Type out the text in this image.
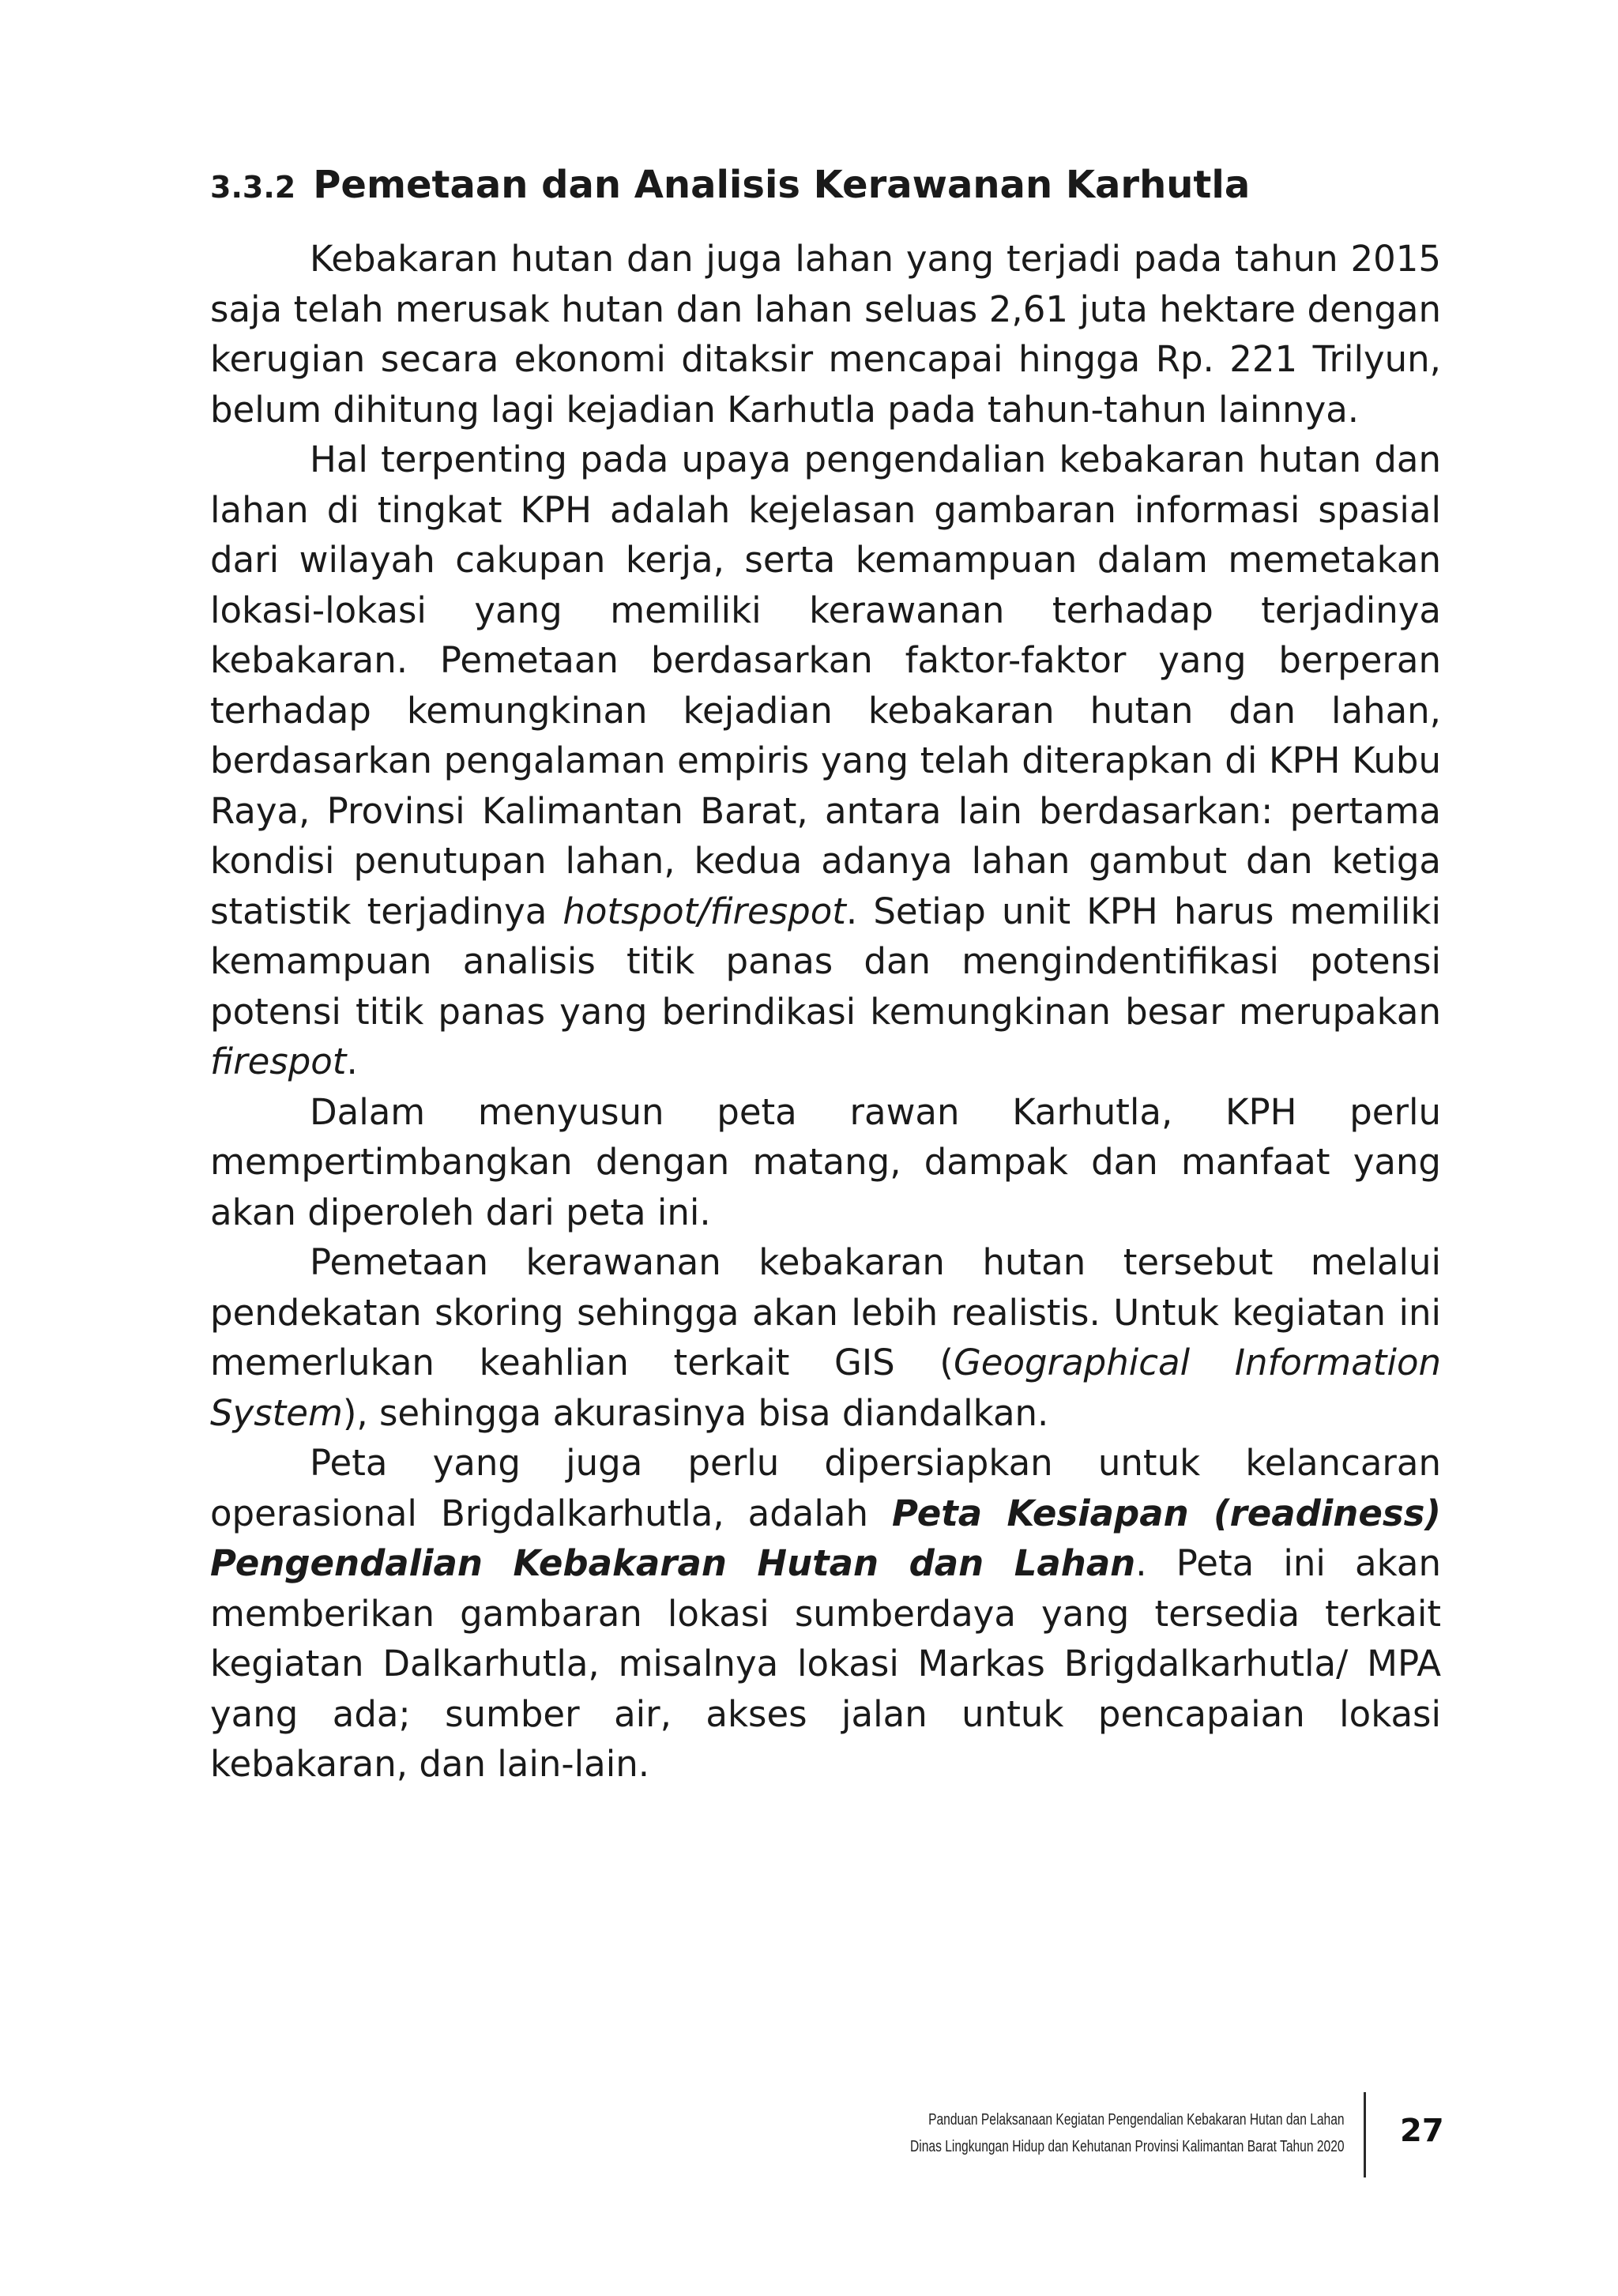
3.3.2 Pemetaan dan Analisis Kerawanan Karhutla

Kebakaran hutan dan juga lahan yang terjadi pada tahun 2015 saja telah merusak hutan dan lahan seluas 2,61 juta hektare dengan kerugian secara ekonomi ditaksir mencapai hingga Rp. 221 Trilyun, belum dihitung lagi kejadian Karhutla pada tahun-tahun lainnya.

Hal terpenting pada upaya pengendalian kebakaran hutan dan lahan di tingkat KPH adalah kejelasan gambaran informasi spasial dari wilayah cakupan kerja, serta kemampuan dalam memetakan lokasi-lokasi yang memiliki kerawanan terhadap terjadinya kebakaran. Pemetaan berdasarkan faktor-faktor yang berperan terhadap kemungkinan kejadian kebakaran hutan dan lahan, berdasarkan pengalaman empiris yang telah diterapkan di KPH Kubu Raya, Provinsi Kalimantan Barat, antara lain berdasarkan: pertama kondisi penutupan lahan, kedua adanya lahan gambut dan ketiga statistik terjadinya hotspot/firespot. Setiap unit KPH harus memiliki kemampuan analisis titik panas dan mengindentifikasi potensi potensi titik panas yang berindikasi kemungkinan besar merupakan firespot.

Dalam menyusun peta rawan Karhutla, KPH perlu mempertimbangkan dengan matang, dampak dan manfaat yang akan diperoleh dari peta ini.

Pemetaan kerawanan kebakaran hutan tersebut melalui pendekatan skoring sehingga akan lebih realistis. Untuk kegiatan ini memerlukan keahlian terkait GIS (Geographical Information System), sehingga akurasinya bisa diandalkan.

Peta yang juga perlu dipersiapkan untuk kelancaran operasional Brigdalkarhutla, adalah Peta Kesiapan (readiness) Pengendalian Kebakaran Hutan dan Lahan. Peta ini akan memberikan gambaran lokasi sumberdaya yang tersedia terkait kegiatan Dalkarhutla, misalnya lokasi Markas Brigdalkarhutla/ MPA yang ada; sumber air, akses jalan untuk pencapaian lokasi kebakaran, dan lain-lain.

Panduan Pelaksanaan Kegiatan Pengendalian Kebakaran Hutan dan Lahan
Dinas Lingkungan Hidup dan Kehutanan Provinsi Kalimantan Barat Tahun 2020 27
